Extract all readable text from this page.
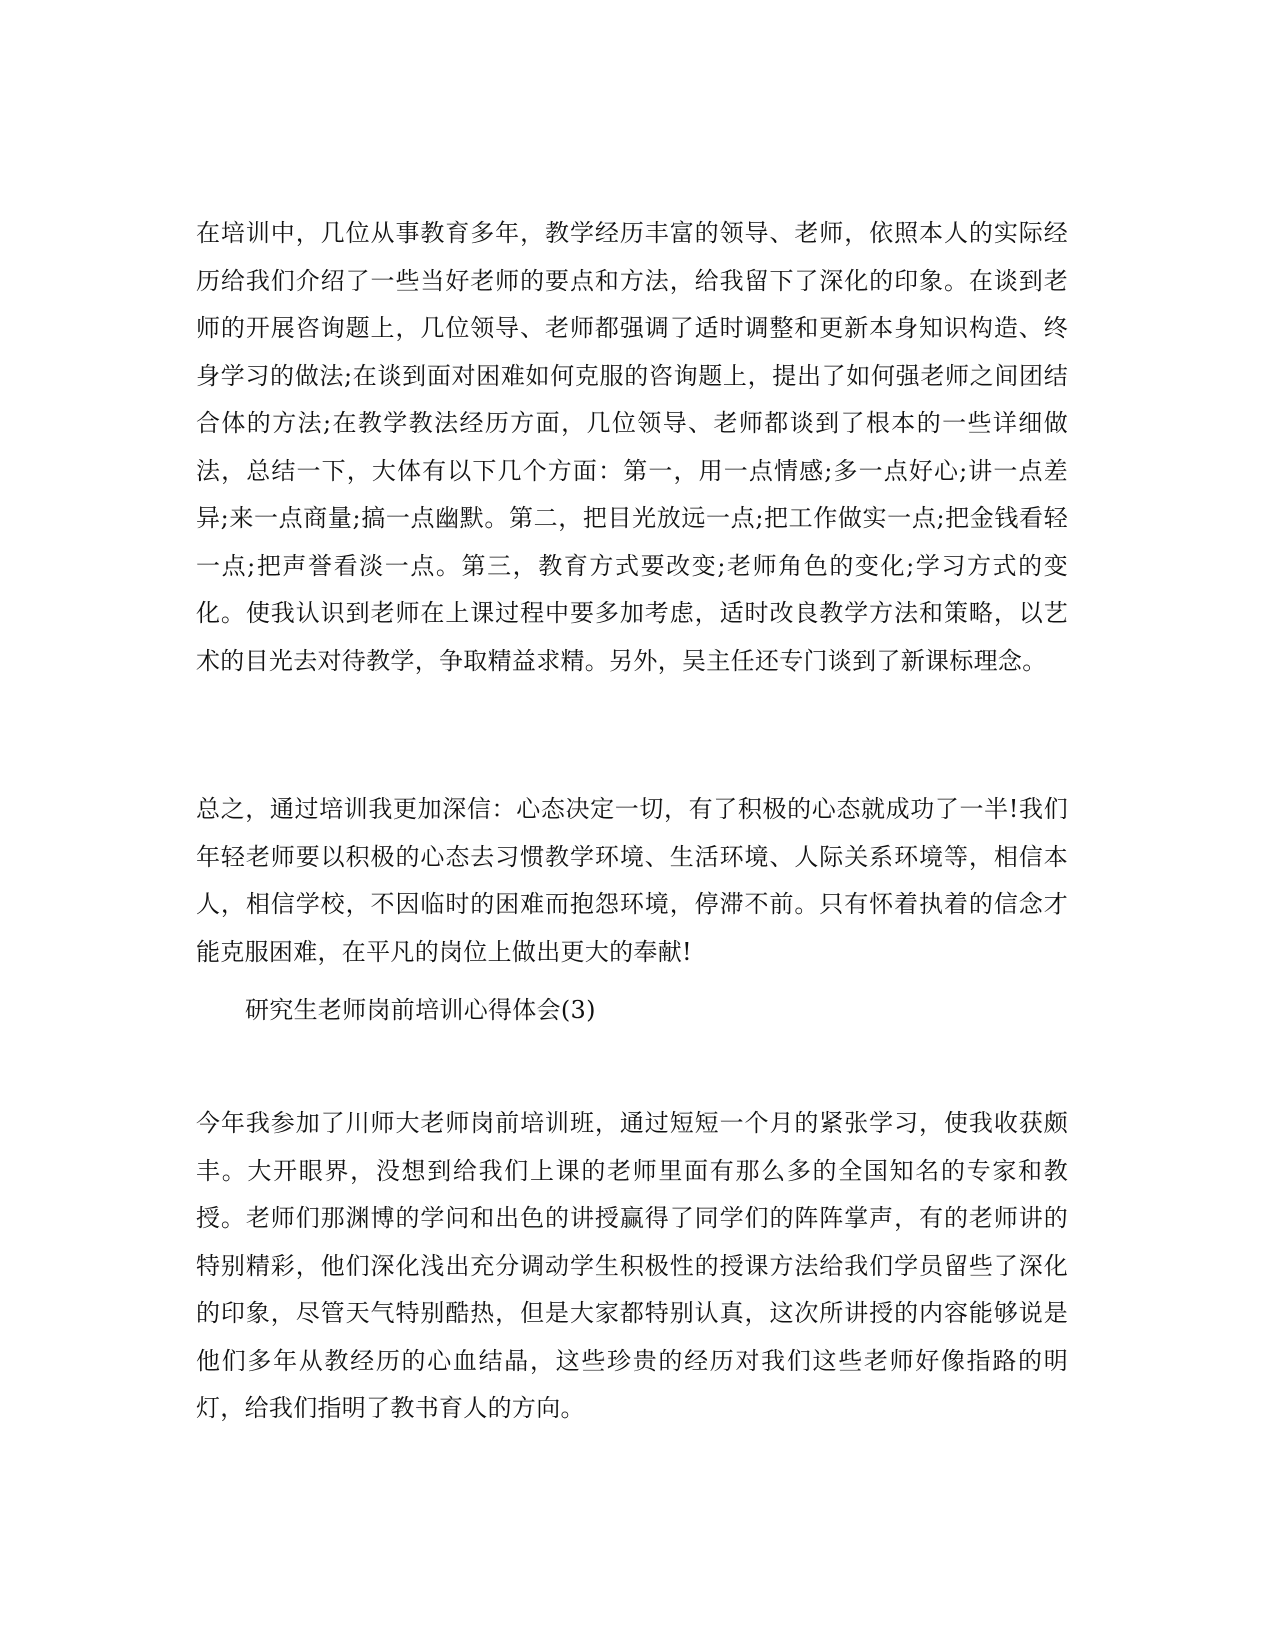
在培训中，几位从事教育多年，教学经历丰富的领导、老师，依照本人的实际经历给我们介绍了一些当好老师的要点和方法，给我留下了深化的印象。在谈到老师的开展咨询题上，几位领导、老师都强调了适时调整和更新本身知识构造、终身学习的做法;在谈到面对困难如何克服的咨询题上，提出了如何强老师之间团结合体的方法;在教学教法经历方面，几位领导、老师都谈到了根本的一些详细做法，总结一下，大体有以下几个方面：第一，用一点情感;多一点好心;讲一点差异;来一点商量;搞一点幽默。第二，把目光放远一点;把工作做实一点;把金钱看轻一点;把声誉看淡一点。第三，教育方式要改变;老师角色的变化;学习方式的变化。使我认识到老师在上课过程中要多加考虑，适时改良教学方法和策略，以艺术的目光去对待教学，争取精益求精。另外，吴主任还专门谈到了新课标理念。

总之，通过培训我更加深信：心态决定一切，有了积极的心态就成功了一半!我们年轻老师要以积极的心态去习惯教学环境、生活环境、人际关系环境等，相信本人，相信学校，不因临时的困难而抱怨环境，停滞不前。只有怀着执着的信念才能克服困难，在平凡的岗位上做出更大的奉献!

研究生老师岗前培训心得体会(3)

今年我参加了川师大老师岗前培训班，通过短短一个月的紧张学习，使我收获颇丰。大开眼界，没想到给我们上课的老师里面有那么多的全国知名的专家和教授。老师们那渊博的学问和出色的讲授赢得了同学们的阵阵掌声，有的老师讲的特别精彩，他们深化浅出充分调动学生积极性的授课方法给我们学员留些了深化的印象，尽管天气特别酷热，但是大家都特别认真，这次所讲授的内容能够说是他们多年从教经历的心血结晶，这些珍贵的经历对我们这些老师好像指路的明灯，给我们指明了教书育人的方向。
